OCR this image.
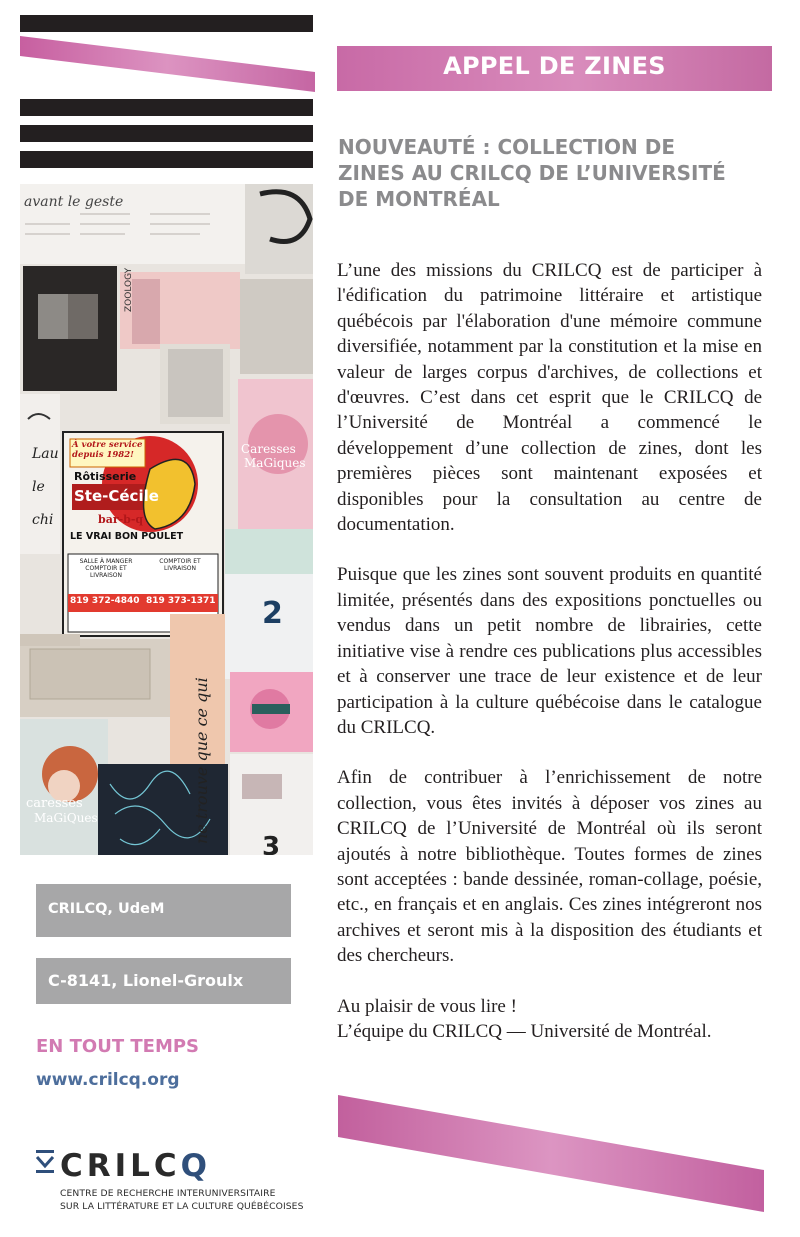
avant le geste
ZOOLOGY
À votre service depuis 1982!
Rôtisserie
Ste-Cécile
bar-b-q
LE VRAI BON POULET
SALLE À MANGER COMPTOIR ET LIVRAISON
COMPTOIR ET LIVRAISON
819 372-4840 819 373-1371
Caresses
MaGiques
2
ne trouve que ce qui
Lau
le
chi
caresses
MaGiQues
3
CRILCQ, UdeM
C-8141, Lionel-Groulx
EN TOUT TEMPS
www.crilcq.org
CRILCQ
CENTRE DE RECHERCHE INTERUNIVERSITAIRE
SUR LA LITTÉRATURE ET LA CULTURE QUÉBÉCOISES
APPEL DE ZINES
NOUVEAUTÉ : COLLECTION DE
ZINES AU CRILCQ DE L’UNIVERSITÉ
DE MONTRÉAL

L’une des missions du CRILCQ est de participer à l'édification du patrimoine littéraire et artistique québécois par l'élaboration d'une mémoire commune diversifiée, notamment par la constitution et la mise en valeur de larges corpus d'archives, de collections et d'œuvres. C’est dans cet esprit que le CRILCQ de l’Université de Montréal a commencé le développement d’une collection de zines, dont les premières pièces sont maintenant exposées et disponibles pour la consultation au centre de documentation.

Puisque que les zines sont souvent produits en quantité limitée, présentés dans des expositions ponctuelles ou vendus dans un petit nombre de librairies, cette initiative vise à rendre ces publications plus accessibles et à conserver une trace de leur existence et de leur participation à la culture québécoise dans le catalogue du CRILCQ.

Afin de contribuer à l’enrichissement de notre collection, vous êtes invités à déposer vos zines au CRILCQ de l’Université de Montréal où ils seront ajoutés à notre bibliothèque. Toutes formes de zines sont acceptées : bande dessinée, roman-collage, poésie, etc., en français et en anglais. Ces zines intégreront nos archives et seront mis à la disposition des étudiants et des chercheurs.

Au plaisir de vous lire !
L’équipe du CRILCQ — Université de Montréal.
